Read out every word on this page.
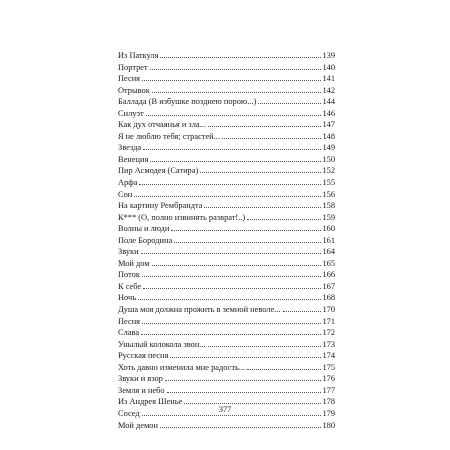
Из Паткуля	139
Портрет	140
Песня	141
Отрывок	142
Баллада (В избушке позднею порою...)	144
Силуэт	146
Как дух отчаянья и зла...	147
Я не люблю тебя; страстей...	148
Звезда	149
Венеция	150
Пир Асмодея (Сатира)	152
Арфа	155
Сон	156
На картину Рембрандта	158
К*** (О, полно извинять разврат!..)	159
Волны и люди	160
Поле Бородина	161
Звуки	164
Мой дом	165
Поток	166
К себе	167
Ночь	168
Душа моя должна прожить в земной неволе...	170
Песня	171
Слава	172
Унылый колокола звон...	173
Русская песня	174
Хоть давно изменила мне радость...	175
Звуки и взор	176
Земля и небо	177
Из Андрея Шенье	178
Сосед	179
Мой демон	180
377
